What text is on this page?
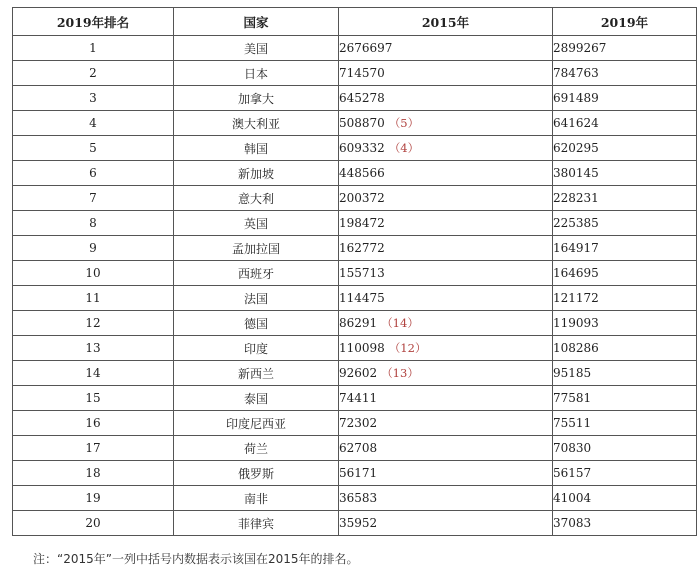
2019年排名	国家	2015年	2019年
1	美国	2676697	2899267
2	日本	714570	784763
3	加拿大	645278	691489
4	澳大利亚	508870 （5）	641624
5	韩国	609332 （4）	620295
6	新加坡	448566	380145
7	意大利	200372	228231
8	英国	198472	225385
9	孟加拉国	162772	164917
10	西班牙	155713	164695
11	法国	114475	121172
12	德国	86291 （14）	119093
13	印度	110098 （12）	108286
14	新西兰	92602 （13）	95185
15	泰国	74411	77581
16	印度尼西亚	72302	75511
17	荷兰	62708	70830
18	俄罗斯	56171	56157
19	南非	36583	41004
20	菲律宾	35952	37083
注：“2015年”一列中括号内数据表示该国在2015年的排名。
